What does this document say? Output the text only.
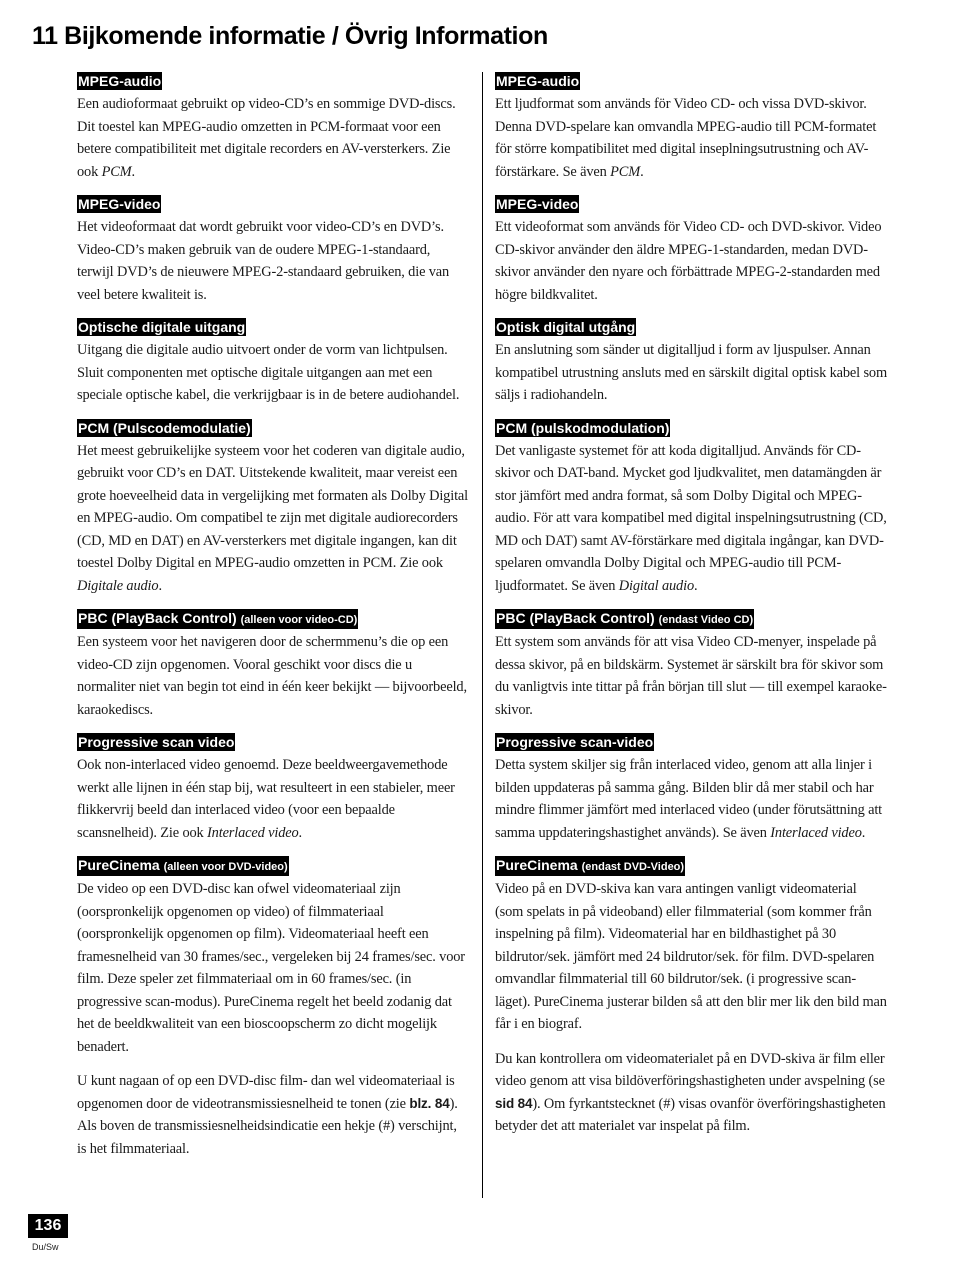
11 Bijkomende informatie / Övrig Information
MPEG-audio

Een audioformaat gebruikt op video-CD’s en sommige DVD-discs. Dit toestel kan MPEG-audio omzetten in PCM-formaat voor een betere compatibiliteit met digitale recorders en AV-versterkers. Zie ook PCM.

MPEG-video

Het videoformaat dat wordt gebruikt voor video-CD’s en DVD’s. Video-CD’s maken gebruik van de oudere MPEG-1-standaard, terwijl DVD’s de nieuwere MPEG-2-standaard gebruiken, die van veel betere kwaliteit is.

Optische digitale uitgang

Uitgang die digitale audio uitvoert onder de vorm van lichtpulsen. Sluit componenten met optische digitale uitgangen aan met een speciale optische kabel, die verkrijgbaar is in de betere audiohandel.

PCM (Pulscodemodulatie)

Het meest gebruikelijke systeem voor het coderen van digitale audio, gebruikt voor CD’s en DAT. Uitstekende kwaliteit, maar vereist een grote hoeveelheid data in vergelijking met formaten als Dolby Digital en MPEG-audio. Om compatibel te zijn met digitale audiorecorders (CD, MD en DAT) en AV-versterkers met digitale ingangen, kan dit toestel Dolby Digital en MPEG-audio omzetten in PCM. Zie ook Digitale audio.

PBC (PlayBack Control) (alleen voor video-CD)

Een systeem voor het navigeren door de schermmenu’s die op een video-CD zijn opgenomen. Vooral geschikt voor discs die u normaliter niet van begin tot eind in één keer bekijkt — bijvoorbeeld, karaokediscs.

Progressive scan video

Ook non-interlaced video genoemd. Deze beeldweergavemethode werkt alle lijnen in één stap bij, wat resulteert in een stabieler, meer flikkervrij beeld dan interlaced video (voor een bepaalde scansnelheid). Zie ook Interlaced video.

PureCinema (alleen voor DVD-video)

De video op een DVD-disc kan ofwel videomateriaal zijn (oorspronkelijk opgenomen op video) of filmmateriaal (oorspronkelijk opgenomen op film). Videomateriaal heeft een framesnelheid van 30 frames/sec., vergeleken bij 24 frames/sec. voor film. Deze speler zet filmmateriaal om in 60 frames/sec. (in progressive scan-modus). PureCinema regelt het beeld zodanig dat het de beeldkwaliteit van een bioscoopscherm zo dicht mogelijk benadert.

U kunt nagaan of op een DVD-disc film- dan wel videomateriaal is opgenomen door de videotransmissiesnelheid te tonen (zie blz. 84). Als boven de transmissiesnelheidsindicatie een hekje (#) verschijnt, is het filmmateriaal.

MPEG-audio

Ett ljudformat som används för Video CD- och vissa DVD-skivor. Denna DVD-spelare kan omvandla MPEG-audio till PCM-formatet för större kompatibilitet med digital inseplningsutrustning och AV-förstärkare. Se även PCM.

MPEG-video

Ett videoformat som används för Video CD- och DVD-skivor. Video CD-skivor använder den äldre MPEG-1-standarden, medan DVD-skivor använder den nyare och förbättrade MPEG-2-standarden med högre bildkvalitet.

Optisk digital utgång

En anslutning som sänder ut digitalljud i form av ljuspulser. Annan kompatibel utrustning ansluts med en särskilt digital optisk kabel som säljs i radiohandeln.

PCM (pulskodmodulation)

Det vanligaste systemet för att koda digitalljud. Används för CD-skivor och DAT-band. Mycket god ljudkvalitet, men datamängden är stor jämfört med andra format, så som Dolby Digital och MPEG-audio. För att vara kompatibel med digital inspelningsutrustning (CD, MD och DAT) samt AV-förstärkare med digitala ingångar, kan DVD-spelaren omvandla Dolby Digital och MPEG-audio till PCM-ljudformatet. Se även Digital audio.

PBC (PlayBack Control) (endast Video CD)

Ett system som används för att visa Video CD-menyer, inspelade på dessa skivor, på en bildskärm. Systemet är särskilt bra för skivor som du vanligtvis inte tittar på från början till slut — till exempel karaoke-skivor.

Progressive scan-video

Detta system skiljer sig från interlaced video, genom att alla linjer i bilden uppdateras på samma gång. Bilden blir då mer stabil och har mindre flimmer jämfört med interlaced video (under förutsättning att samma uppdateringshastighet används). Se även Interlaced video.

PureCinema (endast DVD-Video)

Video på en DVD-skiva kan vara antingen vanligt videomaterial (som spelats in på videoband) eller filmmaterial (som kommer från inspelning på film). Videomaterial har en bildhastighet på 30 bildrutor/sek. jämfört med 24 bildrutor/sek. för film. DVD-spelaren omvandlar filmmaterial till 60 bildrutor/sek. (i progressive scan-läget). PureCinema justerar bilden så att den blir mer lik den bild man får i en biograf.

Du kan kontrollera om videomaterialet på en DVD-skiva är film eller video genom att visa bildöverföringshastigheten under avspelning (se sid 84). Om fyrkantstecknet (#) visas ovanför överföringshastigheten betyder det att materialet var inspelat på film.

136
Du/Sw
